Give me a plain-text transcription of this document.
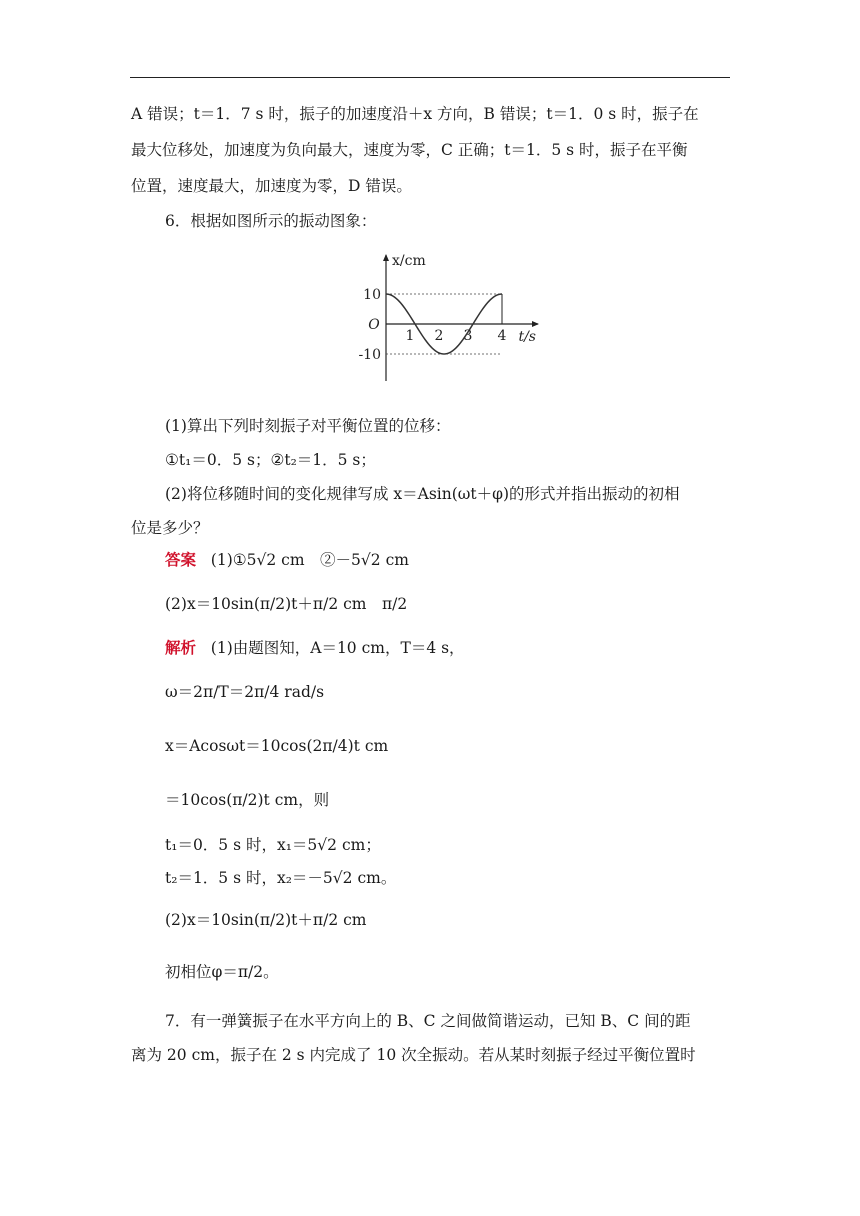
A 错误；t＝1．7 s 时，振子的加速度沿＋x 方向，B 错误；t＝1．0 s 时，振子在
最大位移处，加速度为负向最大，速度为零，C 正确；t＝1．5 s 时，振子在平衡
位置，速度最大，加速度为零，D 错误。
6．根据如图所示的振动图象：
x/cm
10
-10
O
1 2 3 4 t/s
(1)算出下列时刻振子对平衡位置的位移：
①t₁＝0．5 s；②t₂＝1．5 s；
(2)将位移随时间的变化规律写成 x＝Asin(ωt＋φ)的形式并指出振动的初相
位是多少？
答案 (1)①5√2 cm　②－5√2 cm
(2)x＝10sin(π/2)t＋π/2 cm　π/2
解析 (1)由题图知，A＝10 cm，T＝4 s，
ω＝2π/T＝2π/4 rad/s
x＝Acosωt＝10cos(2π/4)t cm
＝10cos(π/2)t cm，则
t₁＝0．5 s 时，x₁＝5√2 cm；
t₂＝1．5 s 时，x₂＝－5√2 cm。
(2)x＝10sin(π/2)t＋π/2 cm
初相位φ＝π/2。
7．有一弹簧振子在水平方向上的 B、C 之间做简谐运动，已知 B、C 间的距
离为 20 cm，振子在 2 s 内完成了 10 次全振动。若从某时刻振子经过平衡位置时
